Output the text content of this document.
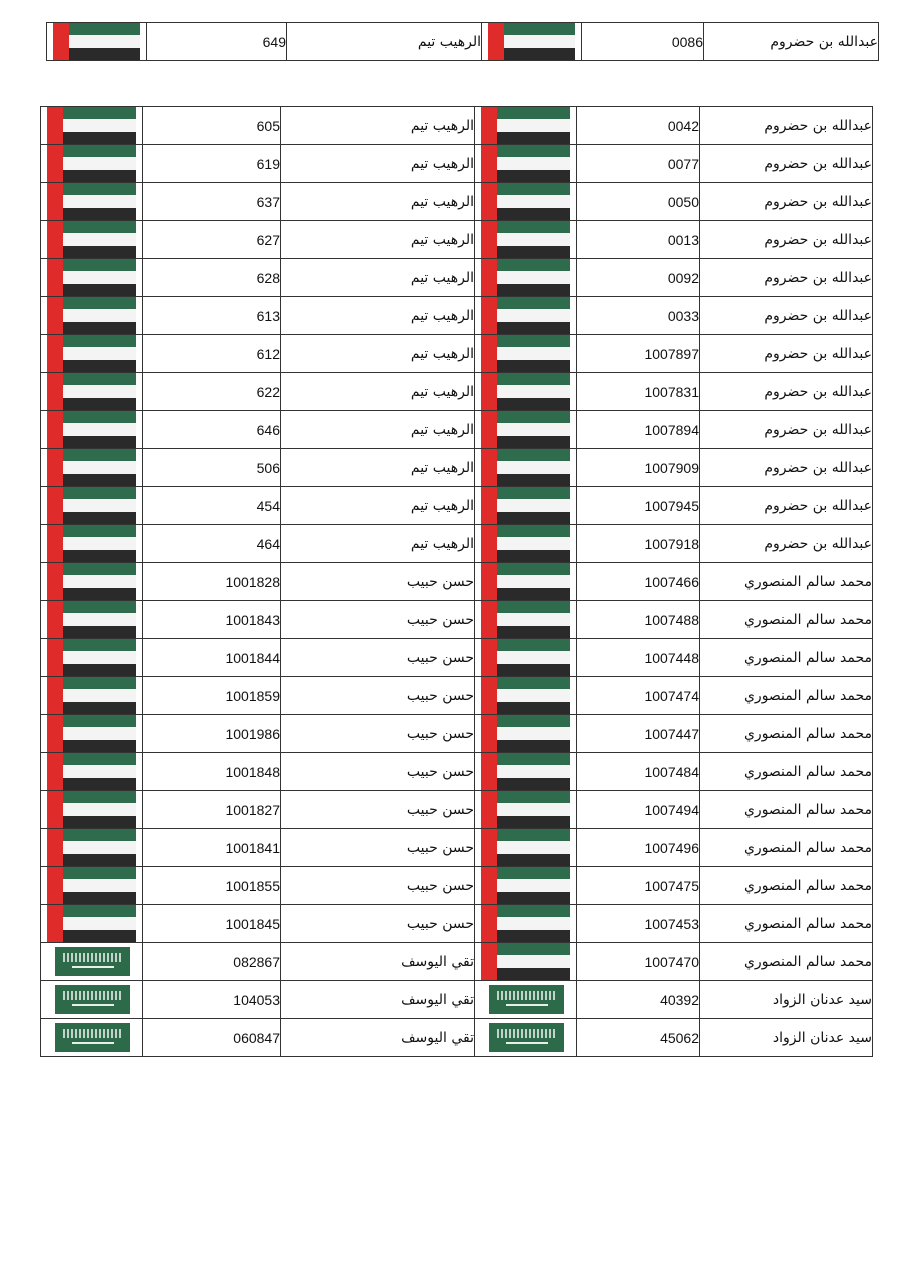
	649	الرهيب تيم		0086	عبدالله بن حضروم
	605	الرهيب تيم		0042	عبدالله بن حضروم

	619	الرهيب تيم		0077	عبدالله بن حضروم

	637	الرهيب تيم		0050	عبدالله بن حضروم

	627	الرهيب تيم		0013	عبدالله بن حضروم

	628	الرهيب تيم		0092	عبدالله بن حضروم

	613	الرهيب تيم		0033	عبدالله بن حضروم

	612	الرهيب تيم		1007897	عبدالله بن حضروم

	622	الرهيب تيم		1007831	عبدالله بن حضروم

	646	الرهيب تيم		1007894	عبدالله بن حضروم

	506	الرهيب تيم		1007909	عبدالله بن حضروم

	454	الرهيب تيم		1007945	عبدالله بن حضروم

	464	الرهيب تيم		1007918	عبدالله بن حضروم

	1001828	حسن حبيب		1007466	محمد سالم المنصوري

	1001843	حسن حبيب		1007488	محمد سالم المنصوري

	1001844	حسن حبيب		1007448	محمد سالم المنصوري

	1001859	حسن حبيب		1007474	محمد سالم المنصوري

	1001986	حسن حبيب		1007447	محمد سالم المنصوري

	1001848	حسن حبيب		1007484	محمد سالم المنصوري

	1001827	حسن حبيب		1007494	محمد سالم المنصوري

	1001841	حسن حبيب		1007496	محمد سالم المنصوري

	1001855	حسن حبيب		1007475	محمد سالم المنصوري

	1001845	حسن حبيب		1007453	محمد سالم المنصوري

	082867	تقي اليوسف		1007470	محمد سالم المنصوري

	104053	تقي اليوسف		40392	سيد عدنان الزواد

	060847	تقي اليوسف		45062	سيد عدنان الزواد
